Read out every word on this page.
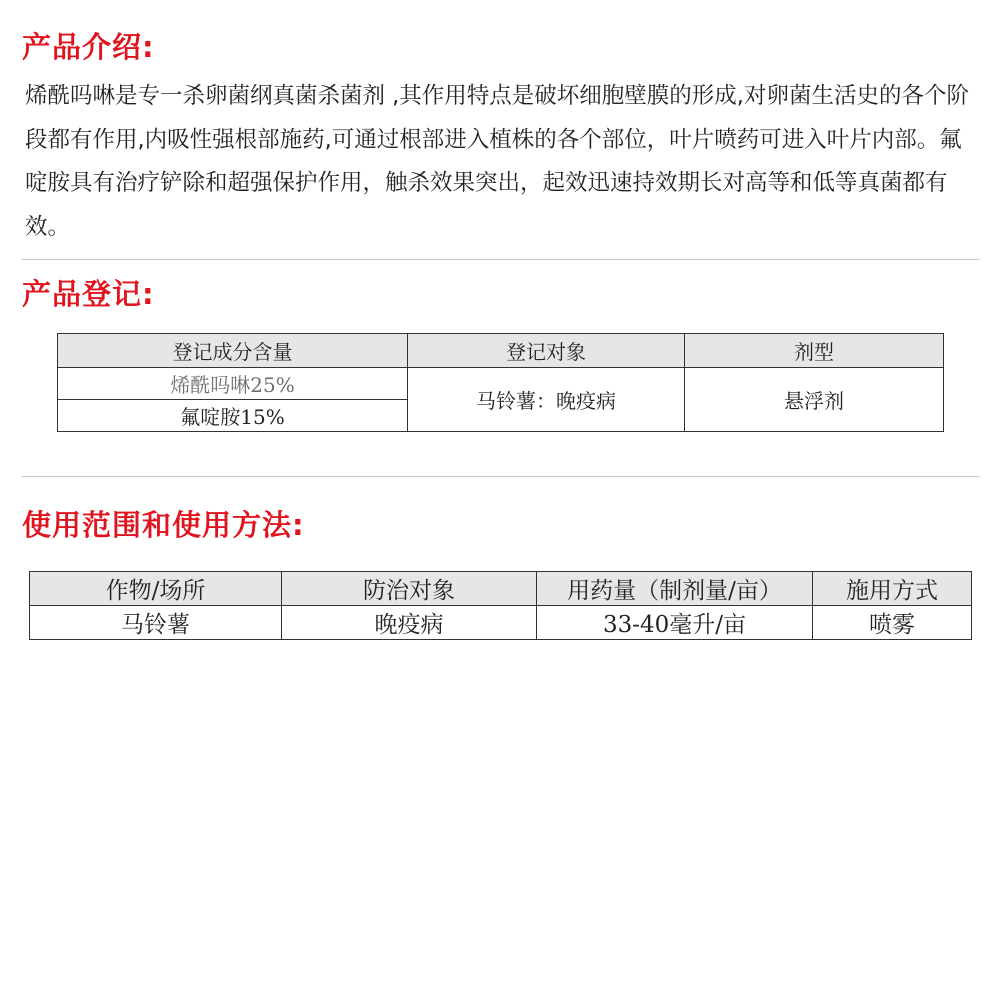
产品介绍:

烯酰吗啉是专一杀卵菌纲真菌杀菌剂 ,其作用特点是破坏细胞壁膜的形成,对卵菌生活史的各个阶段都有作用,内吸性强根部施药,可通过根部进入植株的各个部位，叶片喷药可进入叶片内部。氟啶胺具有治疗铲除和超强保护作用，触杀效果突出，起效迅速持效期长对高等和低等真菌都有效。

产品登记:
登记成分含量	登记对象	剂型
烯酰吗啉25%	马铃薯：晚疫病	悬浮剂
氟啶胺15%		
使用范围和使用方法:
作物/场所	防治对象	用药量（制剂量/亩）	施用方式
马铃薯	晚疫病	33-40毫升/亩	喷雾
